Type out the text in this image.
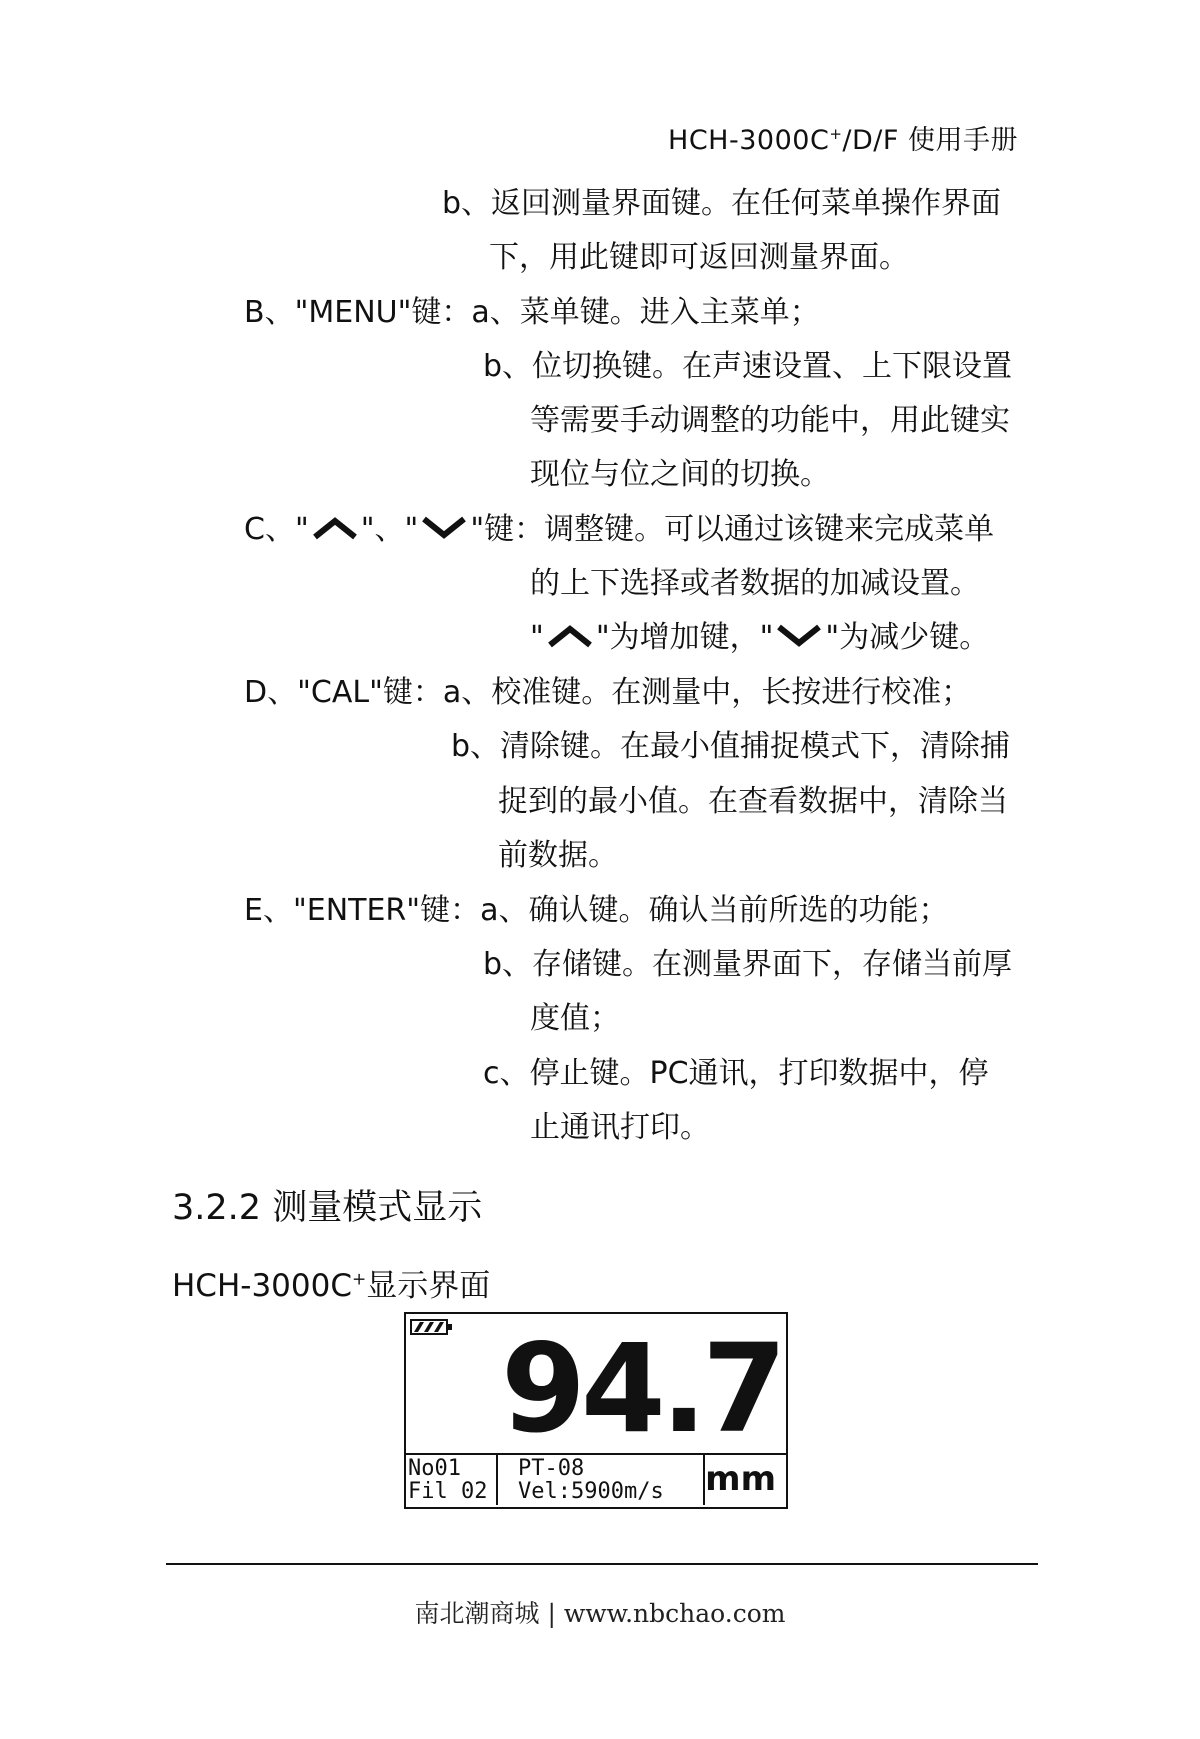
HCH-3000C+/D/F 使用手册
b、返回测量界面键。在任何菜单操作界面
下，用此键即可返回测量界面。
B、"MENU"键：a、菜单键。进入主菜单；
b、位切换键。在声速设置、上下限设置
等需要手动调整的功能中，用此键实
现位与位之间的切换。
C、" "、" "键：调整键。可以通过该键来完成菜单
的上下选择或者数据的加减设置。
" "为增加键，" "为减少键。
D、"CAL"键：a、校准键。在测量中，长按进行校准；
b、清除键。在最小值捕捉模式下，清除捕
捉到的最小值。在查看数据中，清除当
前数据。
E、"ENTER"键：a、确认键。确认当前所选的功能；
b、存储键。在测量界面下，存储当前厚
度值；
c、停止键。PC通讯，打印数据中，停
止通讯打印。
3.2.2 测量模式显示
HCH-3000C+显示界面
94.7
No01
Fil 02
PT-08
Vel:5900m/s mm
南北潮商城 | www.nbchao.com
